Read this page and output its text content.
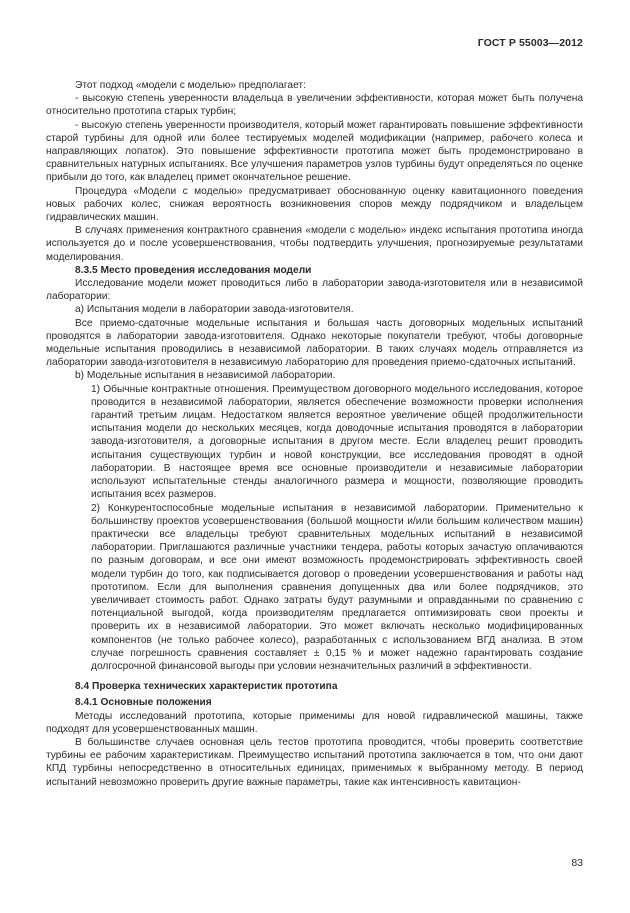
ГОСТ Р 55003—2012

Этот подход «модели с моделью» предполагает:

- высокую степень уверенности владельца в увеличении эффективности, которая может быть получена относительно прототипа старых турбин;

- высокую степень уверенности производителя, который может гарантировать повышение эффективности старой турбины для одной или более тестируемых моделей модификации (например, рабочего колеса и направляющих лопаток). Это повышение эффективности прототипа может быть продемонстрировано в сравнительных натурных испытаниях. Все улучшения параметров узлов турбины будут определяться по оценке прибыли до того, как владелец примет окончательное решение.

Процедура «Модели с моделью» предусматривает обоснованную оценку кавитационного поведения новых рабочих колес, снижая вероятность возникновения споров между подрядчиком и владельцем гидравлических машин.

В случаях применения контрактного сравнения «модели с моделью» индекс испытания прототипа иногда используется до и после усовершенствования, чтобы подтвердить улучшения, прогнозируемые результатами моделирования.

8.3.5 Место проведения исследования модели

Исследование модели может проводиться либо в лаборатории завода-изготовителя или в независимой лаборатории:

а) Испытания модели в лаборатории завода-изготовителя.

Все приемо-сдаточные модельные испытания и большая часть договорных модельных испытаний проводятся в лаборатории завода-изготовителя. Однако некоторые покупатели требуют, чтобы договорные модельные испытания проводились в независимой лаборатории. В таких случаях модель отправляется из лаборатории завода-изготовителя в независимую лабораторию для проведения приемо-сдаточных испытаний.

b) Модельные испытания в независимой лаборатории.

1) Обычные контрактные отношения. Преимуществом договорного модельного исследования, которое проводится в независимой лаборатории, является обеспечение возможности проверки исполнения гарантий третьим лицам. Недостатком является вероятное увеличение общей продолжительности испытания модели до нескольких месяцев, когда доводочные испытания проводятся в лаборатории завода-изготовителя, а договорные испытания в другом месте. Если владелец решит проводить испытания существующих турбин и новой конструкции, все исследования проводят в одной лаборатории. В настоящее время все основные производители и независимые лаборатории используют испытательные стенды аналогичного размера и мощности, позволяющие проводить испытания всех размеров.

2) Конкурентоспособные модельные испытания в независимой лаборатории. Применительно к большинству проектов усовершенствования (большой мощности и/или большим количеством машин) практически все владельцы требуют сравнительных модельных испытаний в независимой лаборатории. Приглашаются различные участники тендера, работы которых зачастую оплачиваются по разным договорам, и все они имеют возможность продемонстрировать эффективность своей модели турбин до того, как подписывается договор о проведении усовершенствования и работы над прототипом. Если для выполнения сравнения допущенных два или более подрядчиков, это увеличивает стоимость работ. Однако затраты будут разумными и оправданными по сравнению с потенциальной выгодой, когда производителям предлагается оптимизировать свои проекты и проверить их в независимой лаборатории. Это может включать несколько модифицированных компонентов (не только рабочее колесо), разработанных с использованием ВГД анализа. В этом случае погрешность сравнения составляет ± 0,15 % и может надежно гарантировать создание долгосрочной финансовой выгоды при условии незначительных различий в эффективности.

8.4 Проверка технических характеристик прототипа

8.4.1 Основные положения

Методы исследований прототипа, которые применимы для новой гидравлической машины, также подходят для усовершенствованных машин.

В большинстве случаев основная цель тестов прототипа проводится, чтобы проверить соответствие турбины ее рабочим характеристикам. Преимущество испытаний прототипа заключается в том, что они дают КПД турбины непосредственно в относительных единицах, применимых к выбранному методу. В период испытаний невозможно проверить другие важные параметры, такие как интенсивность кавитацион-

83
